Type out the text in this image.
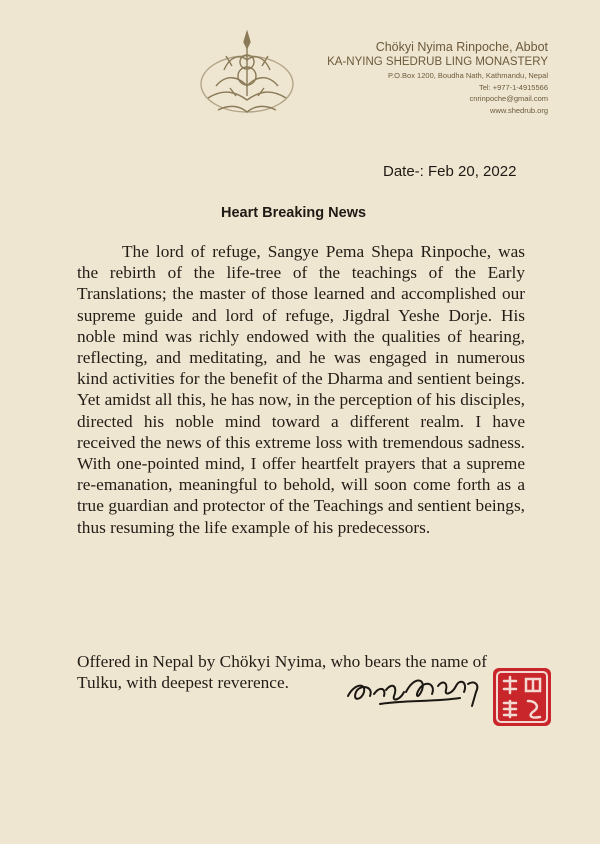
Chökyi Nyima Rinpoche, Abbot
KA-NYING SHEDRUB LING MONASTERY
P.O.Box 1200, Boudha Nath, Kathmandu, Nepal
Tel: +977-1-4915566
cnrinpoche@gmail.com
www.shedrub.org
Date-: Feb 20, 2022
Heart Breaking News

The lord of refuge, Sangye Pema Shepa Rinpoche, was the rebirth of the life-tree of the teachings of the Early Translations; the master of those learned and accomplished our supreme guide and lord of refuge, Jigdral Yeshe Dorje. His noble mind was richly endowed with the qualities of hearing, reflecting, and meditating, and he was engaged in numerous kind activities for the benefit of the Dharma and sentient beings. Yet amidst all this, he has now, in the perception of his disciples, directed his noble mind toward a different realm. I have received the news of this extreme loss with tremendous sadness. With one-pointed mind, I offer heartfelt prayers that a supreme re-emanation, meaningful to behold, will soon come forth as a true guardian and protector of the Teachings and sentient beings, thus resuming the life example of his predecessors.

Offered in Nepal by Chökyi Nyima, who bears the name of Tulku, with deepest reverence.
